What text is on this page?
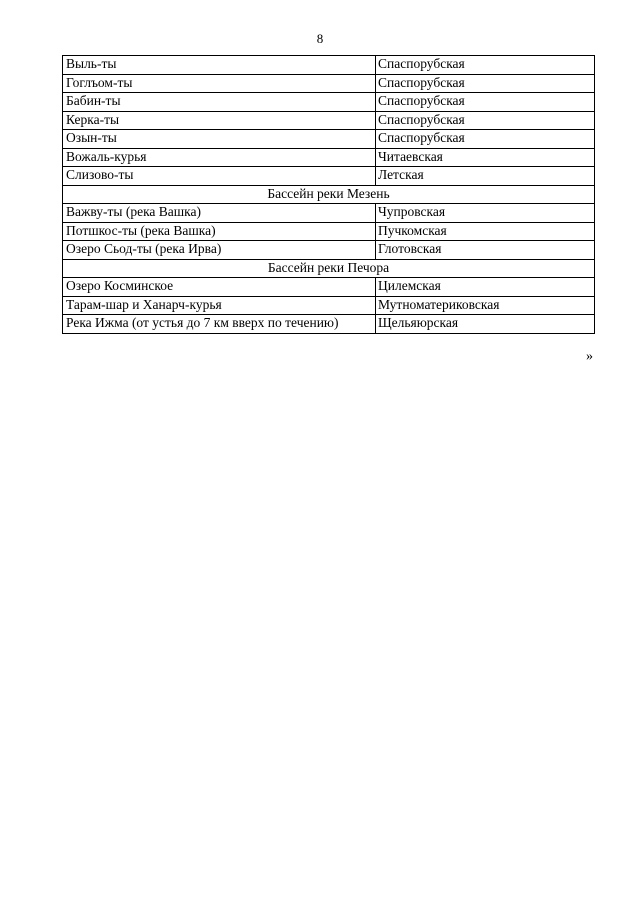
8
Выль-ты	Спаспорубская
Гоглъом-ты	Спаспорубская
Бабин-ты	Спаспорубская
Керка-ты	Спаспорубская
Озын-ты	Спаспорубская
Вожаль-курья	Читаевская
Слизово-ты	Летская
Бассейн реки Мезень	
Важву-ты (река Вашка)	Чупровская
Потшкос-ты (река Вашка)	Пучкомская
Озеро Сьод-ты (река Ирва)	Глотовская
Бассейн реки Печора	
Озеро Косминское	Цилемская
Тарам-шар и Ханарч-курья	Мутноматериковская
Река Ижма (от устья до 7 км вверх по течению)	Щельяюрская
»
